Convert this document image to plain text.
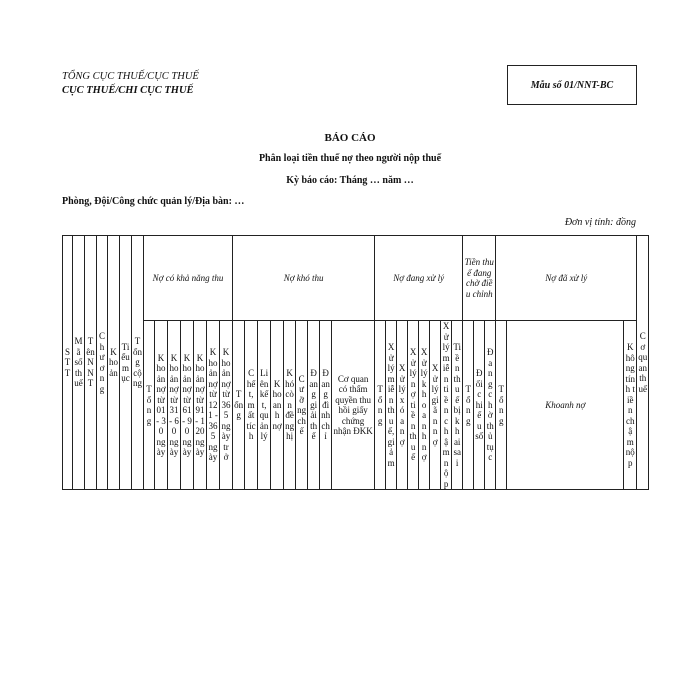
TỔNG CỤC THUẾ/CỤC THUẾ
CỤC THUẾ/CHI CỤC THUẾ	Mẫu số 01/NNT-BC
BÁO CÁO
Phân loại tiền thuế nợ theo người nộp thuế
Kỳ báo cáo: Tháng … năm …
Phòng, Đội/Công chức quản lý/Địa bàn: …
Đơn vị tính: đồng
STT	Mã số thuế	Tên NNT	Chương	Khoản	Tiểu mục	Tổng cộng	Nợ có khả năng thu							Nợ khó thu									Nợ đang xử lý								Tiền thuế đang chờ điều chỉnh			Nợ đã xử lý			Cơ quan thuế
							Tổng	Khoản nợ từ 01 - 30 ngày	Khoản nợ từ 31 - 60 ngày	Khoản nợ từ 61 - 90 ngày	Khoản nợ từ 91 - 120 ngày	Khoản nợ từ 121 - 365 ngày	Khoản nợ từ 365 ngày trở	Tổng	Chết, mất tích	Liên kết, quản lý	Khoanh nợ	Khó còn đề nghị	Cưỡng chế	Đang giải thể	Đang đình chỉ	Cơ quan có thẩm quyền thu hồi giấy chứng nhận ĐKK	Tổng	Xử lý miễn thuế, giảm	Xử lý xóa nợ	Xử lý nợ tiền thuế	Xử lý khoanh nợ	Xử lý giãn nợ	Xử lý miễn tiền chậm nộp	Tiền thuế bị khai sai	Tổng	Đối chiếu số	Đang chờ thủ tục	Tổng	Khoanh nợ	Không tính tiền chậm nộp	
